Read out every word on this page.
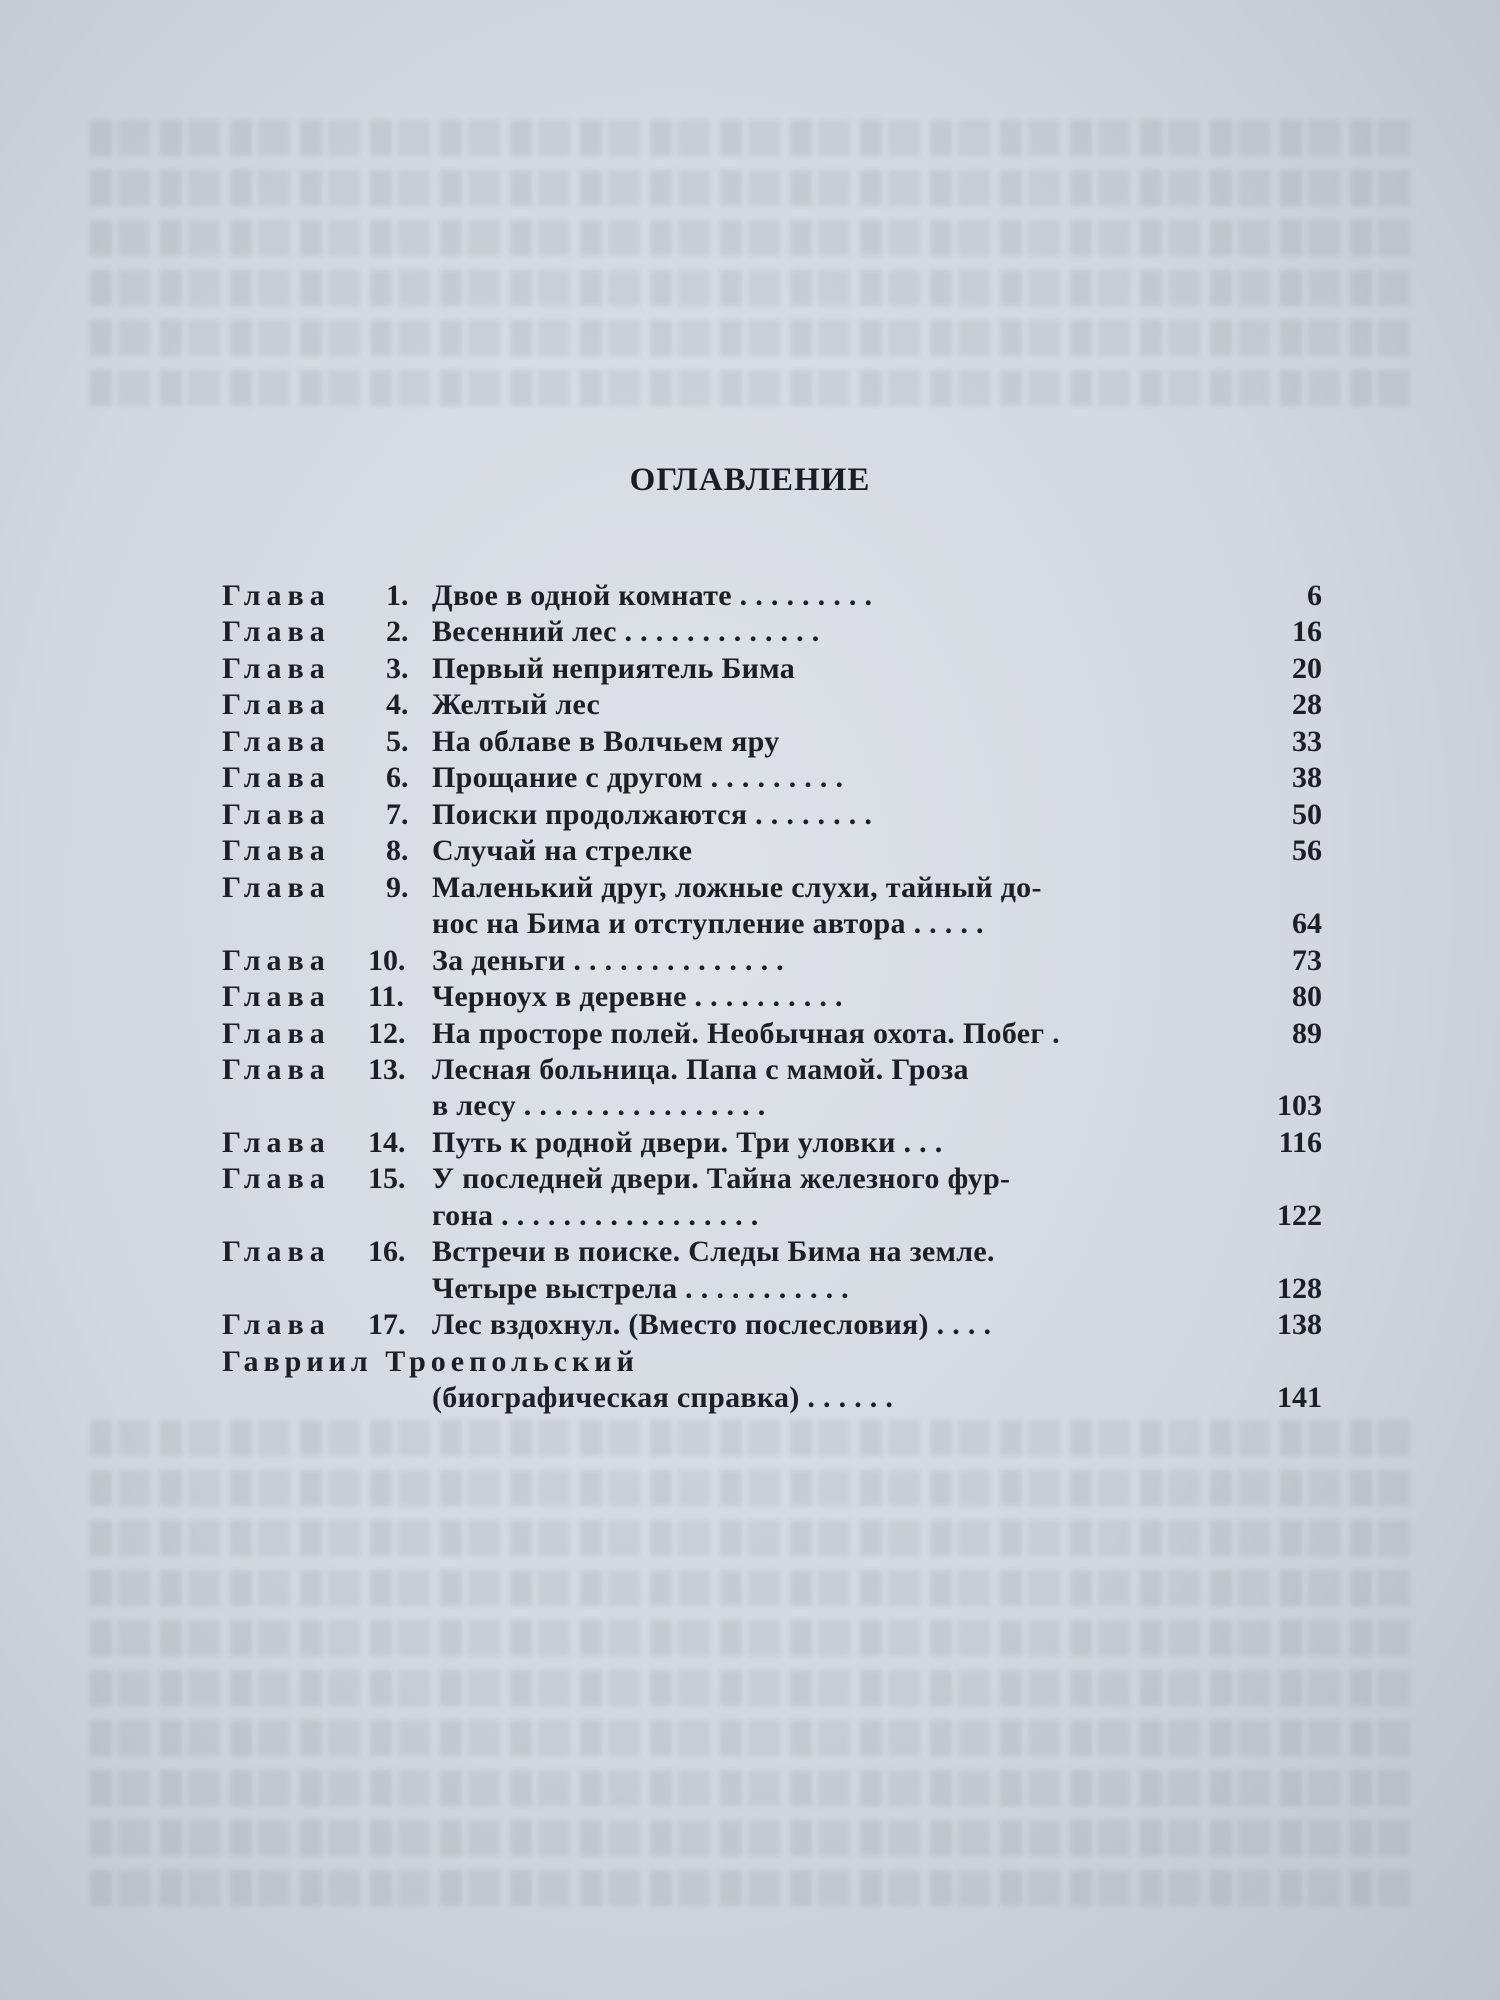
ОГЛАВЛЕНИЕ
Глава	1. Двое в одной комнате . . . . . . . . .	6
Глава	2. Весенний лес . . . . . . . . . . . . .	16
Глава	3. Первый неприятель Бима	20
Глава	4. Желтый лес	28
Глава	5. На облаве в Волчьем яру	33
Глава	6. Прощание с другом . . . . . . . . .	38
Глава	7. Поиски продолжаются . . . . . . . .	50
Глава	8. Случай на стрелке	56
Глава	9. Маленький друг, ложные слухи, тайный до-
нос на Бима и отступление автора . . . . .	64
Глава	10. За деньги . . . . . . . . . . . . . .	73
Глава	11. Черноух в деревне . . . . . . . . . .	80
Глава	12. На просторе полей. Необычная охота. Побег .	89
Глава	13. Лесная больница. Папа с мамой. Гроза
в лесу . . . . . . . . . . . . . . . .	103
Глава	14. Путь к родной двери. Три уловки . . .	116
Глава	15. У последней двери. Тайна железного фур-
гона . . . . . . . . . . . . . . . . .	122
Глава	16. Встречи в поиске. Следы Бима на земле.
Четыре выстрела . . . . . . . . . . .	128
Глава	17. Лес вздохнул. (Вместо послесловия) . . . .	138
Гавриил Троепольский
(биографическая справка) . . . . . .	141
